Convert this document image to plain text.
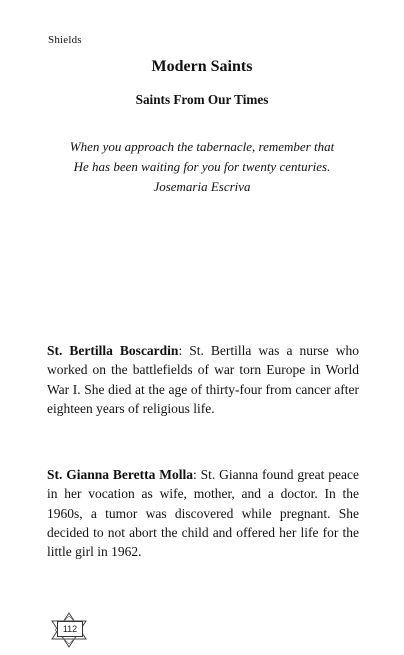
Shields
Modern Saints
Saints From Our Times
When you approach the tabernacle, remember that
He has been waiting for you for twenty centuries.
Josemaria Escriva
St. Bertilla Boscardin: St. Bertilla was a nurse who worked on the battlefields of war torn Europe in World War I. She died at the age of thirty-four from cancer after eighteen years of religious life.
St. Gianna Beretta Molla: St. Gianna found great peace in her vocation as wife, mother, and a doctor. In the 1960s, a tumor was discovered while pregnant. She decided to not abort the child and offered her life for the little girl in 1962.
112
